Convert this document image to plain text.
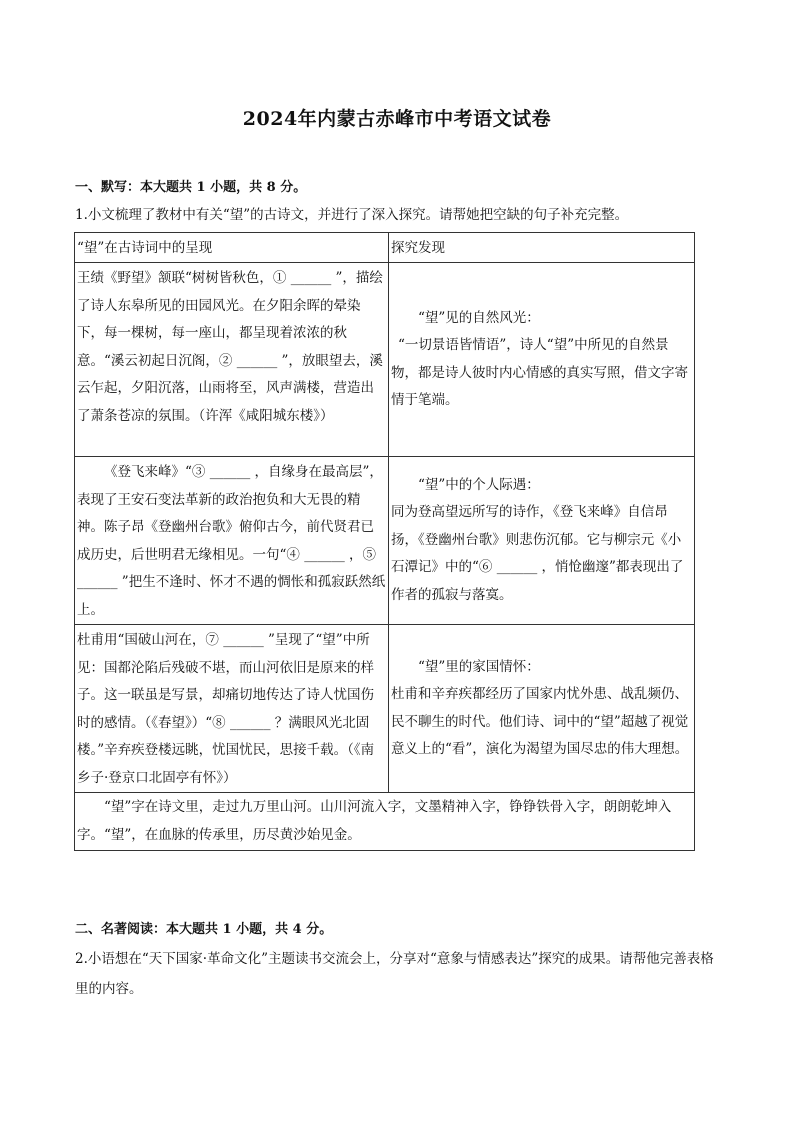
2024年内蒙古赤峰市中考语文试卷
一、默写：本大题共 1 小题，共 8 分。
1.小文梳理了教材中有关“望”的古诗文，并进行了深入探究。请帮她把空缺的句子补充完整。
“望”在古诗词中的呈现	探究发现
王绩《野望》颔联“树树皆秋色，① ______ ”，描绘了诗人东皋所见的田园风光。在夕阳余晖的晕染下，每一棵树，每一座山，都呈现着浓浓的秋意。“溪云初起日沉阁，② ______ ”，放眼望去，溪云乍起，夕阳沉落，山雨将至，风声满楼，营造出了萧条苍凉的氛围。（许浑《咸阳城东楼》）	“望”见的自然风光：
“一切景语皆情语”，诗人“望”中所见的自然景物，都是诗人彼时内心情感的真实写照，借文字寄情于笔端。

《登飞来峰》“③ ______ ，自缘身在最高层”，表现了王安石变法革新的政治抱负和大无畏的精神。陈子昂《登幽州台歌》俯仰古今，前代贤君已成历史，后世明君无缘相见。一句“④ ______ ，⑤ ______ ”把生不逢时、怀才不遇的惆怅和孤寂跃然纸上。	“望”中的个人际遇：
同为登高望远所写的诗作，《登飞来峰》自信昂扬，《登幽州台歌》则悲伤沉郁。它与柳宗元《小石潭记》中的“⑥ ______ ，悄怆幽邃”都表现出了作者的孤寂与落寞。

杜甫用“国破山河在，⑦ ______ ”呈现了“望”中所见：国都沦陷后残破不堪，而山河依旧是原来的样子。这一联虽是写景，却痛切地传达了诗人忧国伤时的感情。（《春望》）“⑧ ______ ？满眼风光北固楼。”辛弃疾登楼远眺，忧国忧民，思接千载。（《南乡子·登京口北固亭有怀》）	“望”里的家国情怀：
杜甫和辛弃疾都经历了国家内忧外患、战乱频仍、民不聊生的时代。他们诗、词中的“望”超越了视觉意义上的“看”，演化为渴望为国尽忠的伟大理想。

“望”字在诗文里，走过九万里山河。山川河流入字，文墨精神入字，铮铮铁骨入字，朗朗乾坤入字。“望”，在血脉的传承里，历尽黄沙始见金。	
二、名著阅读：本大题共 1 小题，共 4 分。
2.小语想在“天下国家·革命文化”主题读书交流会上，分享对“意象与情感表达”探究的成果。请帮他完善表格里的内容。
